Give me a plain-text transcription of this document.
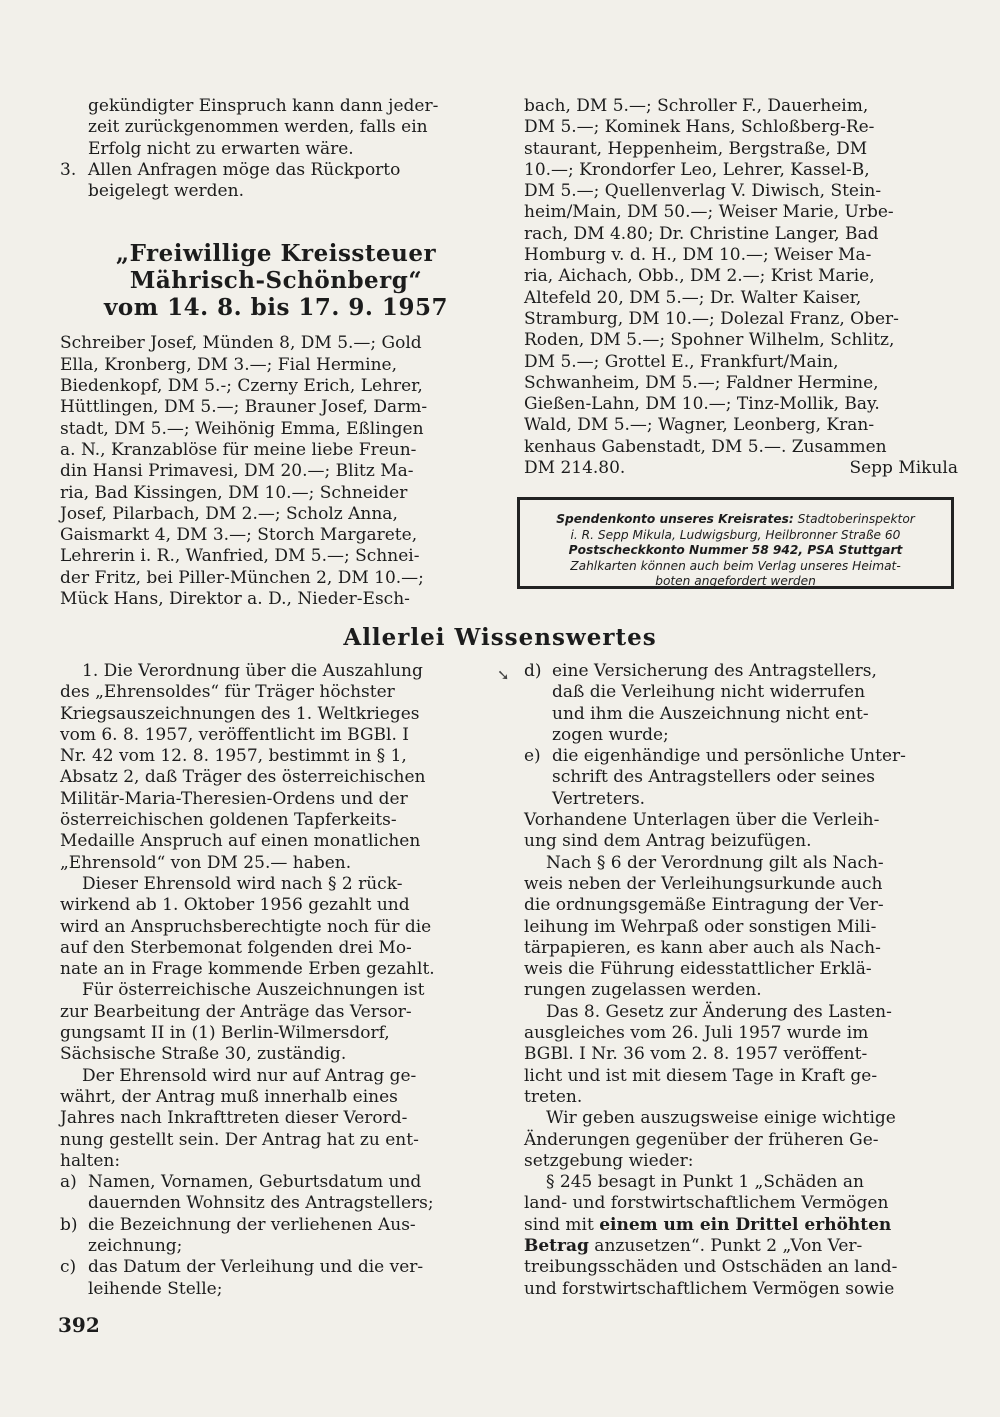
gekündigter Einspruch kann dann jeder-
zeit zurückgenommen werden, falls ein
Erfolg nicht zu erwarten wäre.
3. Allen Anfragen möge das Rückporto
beigelegt werden.
„Freiwillige Kreissteuer
Mährisch-Schönberg“
vom 14. 8. bis 17. 9. 1957
Schreiber Josef, Münden 8, DM 5.—; Gold
Ella, Kronberg, DM 3.—; Fial Hermine,
Biedenkopf, DM 5.-; Czerny Erich, Lehrer,
Hüttlingen, DM 5.—; Brauner Josef, Darm-
stadt, DM 5.—; Weihönig Emma, Eßlingen
a. N., Kranzablöse für meine liebe Freun-
din Hansi Primavesi, DM 20.—; Blitz Ma-
ria, Bad Kissingen, DM 10.—; Schneider
Josef, Pilarbach, DM 2.—; Scholz Anna,
Gaismarkt 4, DM 3.—; Storch Margarete,
Lehrerin i. R., Wanfried, DM 5.—; Schnei-
der Fritz, bei Piller-München 2, DM 10.—;
Mück Hans, Direktor a. D., Nieder-Esch-
bach, DM 5.—; Schroller F., Dauerheim,
DM 5.—; Kominek Hans, Schloßberg-Re-
staurant, Heppenheim, Bergstraße, DM
10.—; Krondorfer Leo, Lehrer, Kassel-B,
DM 5.—; Quellenverlag V. Diwisch, Stein-
heim/Main, DM 50.—; Weiser Marie, Urbe-
rach, DM 4.80; Dr. Christine Langer, Bad
Homburg v. d. H., DM 10.—; Weiser Ma-
ria, Aichach, Obb., DM 2.—; Krist Marie,
Altefeld 20, DM 5.—; Dr. Walter Kaiser,
Stramburg, DM 10.—; Dolezal Franz, Ober-
Roden, DM 5.—; Spohner Wilhelm, Schlitz,
DM 5.—; Grottel E., Frankfurt/Main,
Schwanheim, DM 5.—; Faldner Hermine,
Gießen-Lahn, DM 10.—; Tinz-Mollik, Bay.
Wald, DM 5.—; Wagner, Leonberg, Kran-
kenhaus Gabenstadt, DM 5.—. Zusammen
DM 214.80.	Sepp Mikula
Spendenkonto unseres Kreisrates: Stadtoberinspektor
i. R. Sepp Mikula, Ludwigsburg, Heilbronner Straße 60
Postscheckkonto Nummer 58 942, PSA Stuttgart
Zahlkarten können auch beim Verlag unseres Heimat-
boten angefordert werden
Allerlei Wissenswertes
➘
1. Die Verordnung über die Auszahlung
des „Ehrensoldes“ für Träger höchster
Kriegsauszeichnungen des 1. Weltkrieges
vom 6. 8. 1957, veröffentlicht im BGBl. I
Nr. 42 vom 12. 8. 1957, bestimmt in § 1,
Absatz 2, daß Träger des österreichischen
Militär-Maria-Theresien-Ordens und der
österreichischen goldenen Tapferkeits-
Medaille Anspruch auf einen monatlichen
„Ehrensold“ von DM 25.— haben.
Dieser Ehrensold wird nach § 2 rück-
wirkend ab 1. Oktober 1956 gezahlt und
wird an Anspruchsberechtigte noch für die
auf den Sterbemonat folgenden drei Mo-
nate an in Frage kommende Erben gezahlt.
Für österreichische Auszeichnungen ist
zur Bearbeitung der Anträge das Versor-
gungsamt II in (1) Berlin-Wilmersdorf,
Sächsische Straße 30, zuständig.
Der Ehrensold wird nur auf Antrag ge-
währt, der Antrag muß innerhalb eines
Jahres nach Inkrafttreten dieser Verord-
nung gestellt sein. Der Antrag hat zu ent-
halten:
a) Namen, Vornamen, Geburtsdatum und
dauernden Wohnsitz des Antragstellers;
b) die Bezeichnung der verliehenen Aus-
zeichnung;
c) das Datum der Verleihung und die ver-
leihende Stelle;
d) eine Versicherung des Antragstellers,
daß die Verleihung nicht widerrufen
und ihm die Auszeichnung nicht ent-
zogen wurde;
e) die eigenhändige und persönliche Unter-
schrift des Antragstellers oder seines
Vertreters.
Vorhandene Unterlagen über die Verleih-
ung sind dem Antrag beizufügen.
Nach § 6 der Verordnung gilt als Nach-
weis neben der Verleihungsurkunde auch
die ordnungsgemäße Eintragung der Ver-
leihung im Wehrpaß oder sonstigen Mili-
tärpapieren, es kann aber auch als Nach-
weis die Führung eidesstattlicher Erklä-
rungen zugelassen werden.
Das 8. Gesetz zur Änderung des Lasten-
ausgleiches vom 26. Juli 1957 wurde im
BGBl. I Nr. 36 vom 2. 8. 1957 veröffent-
licht und ist mit diesem Tage in Kraft ge-
treten.
Wir geben auszugsweise einige wichtige
Änderungen gegenüber der früheren Ge-
setzgebung wieder:
§ 245 besagt in Punkt 1 „Schäden an
land- und forstwirtschaftlichem Vermögen
sind mit einem um ein Drittel erhöhten
Betrag anzusetzen“. Punkt 2 „Von Ver-
treibungsschäden und Ostschäden an land-
und forstwirtschaftlichem Vermögen sowie
392
